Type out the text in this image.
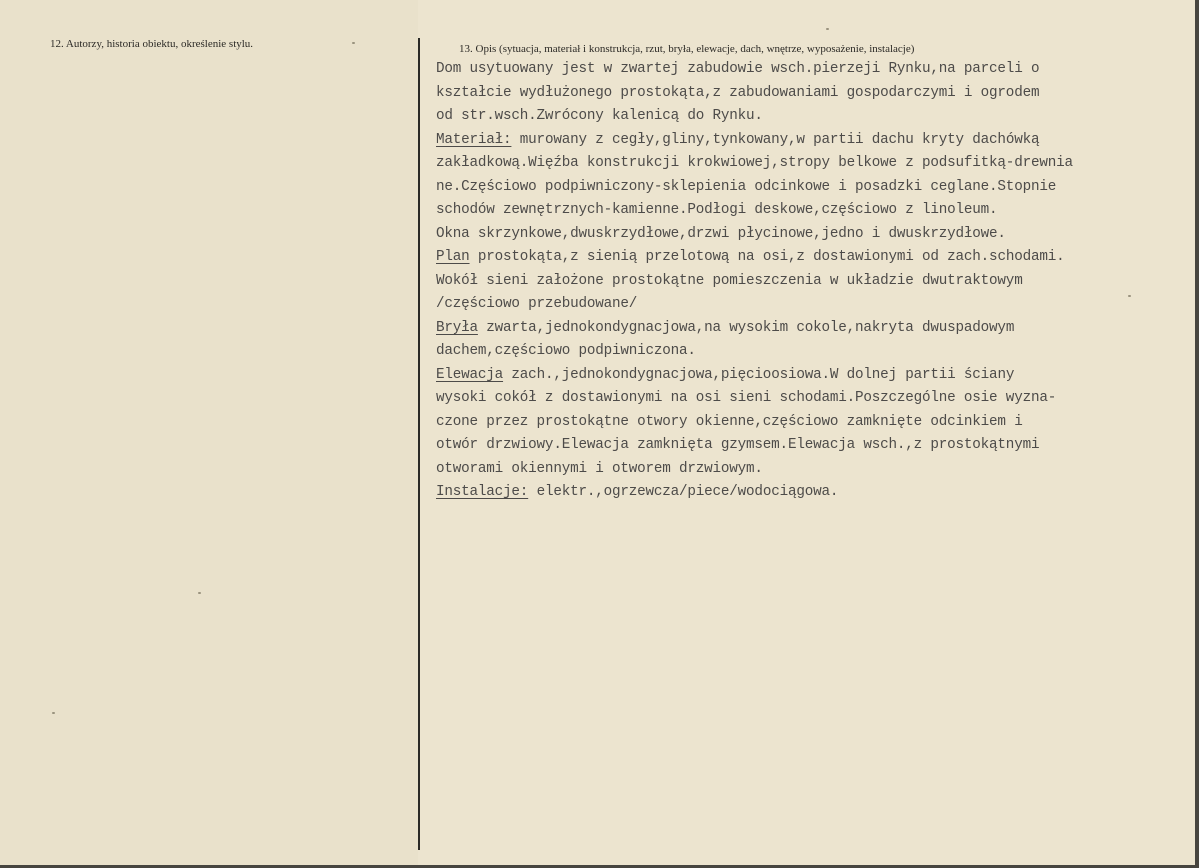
12. Autorzy, historia obiektu, określenie stylu.	13. Opis (sytuacja, materiał i konstrukcja, rzut, bryła, elewacje, dach, wnętrze, wyposażenie, instalacje)
Dom usytuowany jest w zwartej zabudowie wsch.pierzeji Rynku,na parceli o
kształcie wydłużonego prostokąta,z zabudowaniami gospodarczymi i ogrodem
od str.wsch.Zwrócony kalenicą do Rynku.
Materiał: murowany z cegły,gliny,tynkowany,w partii dachu kryty dachówką
zakładkową.Więźba konstrukcji krokwiowej,stropy belkowe z podsufitką-drewnia
ne.Częściowo podpiwniczony-sklepienia odcinkowe i posadzki ceglane.Stopnie
schodów zewnętrznych-kamienne.Podłogi deskowe,częściowo z linoleum.
Okna skrzynkowe,dwuskrzydłowe,drzwi płycinowe,jedno i dwuskrzydłowe.
Plan prostokąta,z sienią przelotową na osi,z dostawionymi od zach.schodami.
Wokół sieni założone prostokątne pomieszczenia w układzie dwutraktowym
/częściowo przebudowane/
Bryła zwarta,jednokondygnacjowa,na wysokim cokole,nakryta dwuspadowym
dachem,częściowo podpiwniczona.
Elewacja zach.,jednokondygnacjowa,pięcioosiowa.W dolnej partii ściany
wysoki cokół z dostawionymi na osi sieni schodami.Poszczególne osie wyzna-
czone przez prostokątne otwory okienne,częściowo zamknięte odcinkiem i
otwór drzwiowy.Elewacja zamknięta gzymsem.Elewacja wsch.,z prostokątnymi
otworami okiennymi i otworem drzwiowym.
Instalacje: elektr.,ogrzewcza/piece/wodociągowa.
